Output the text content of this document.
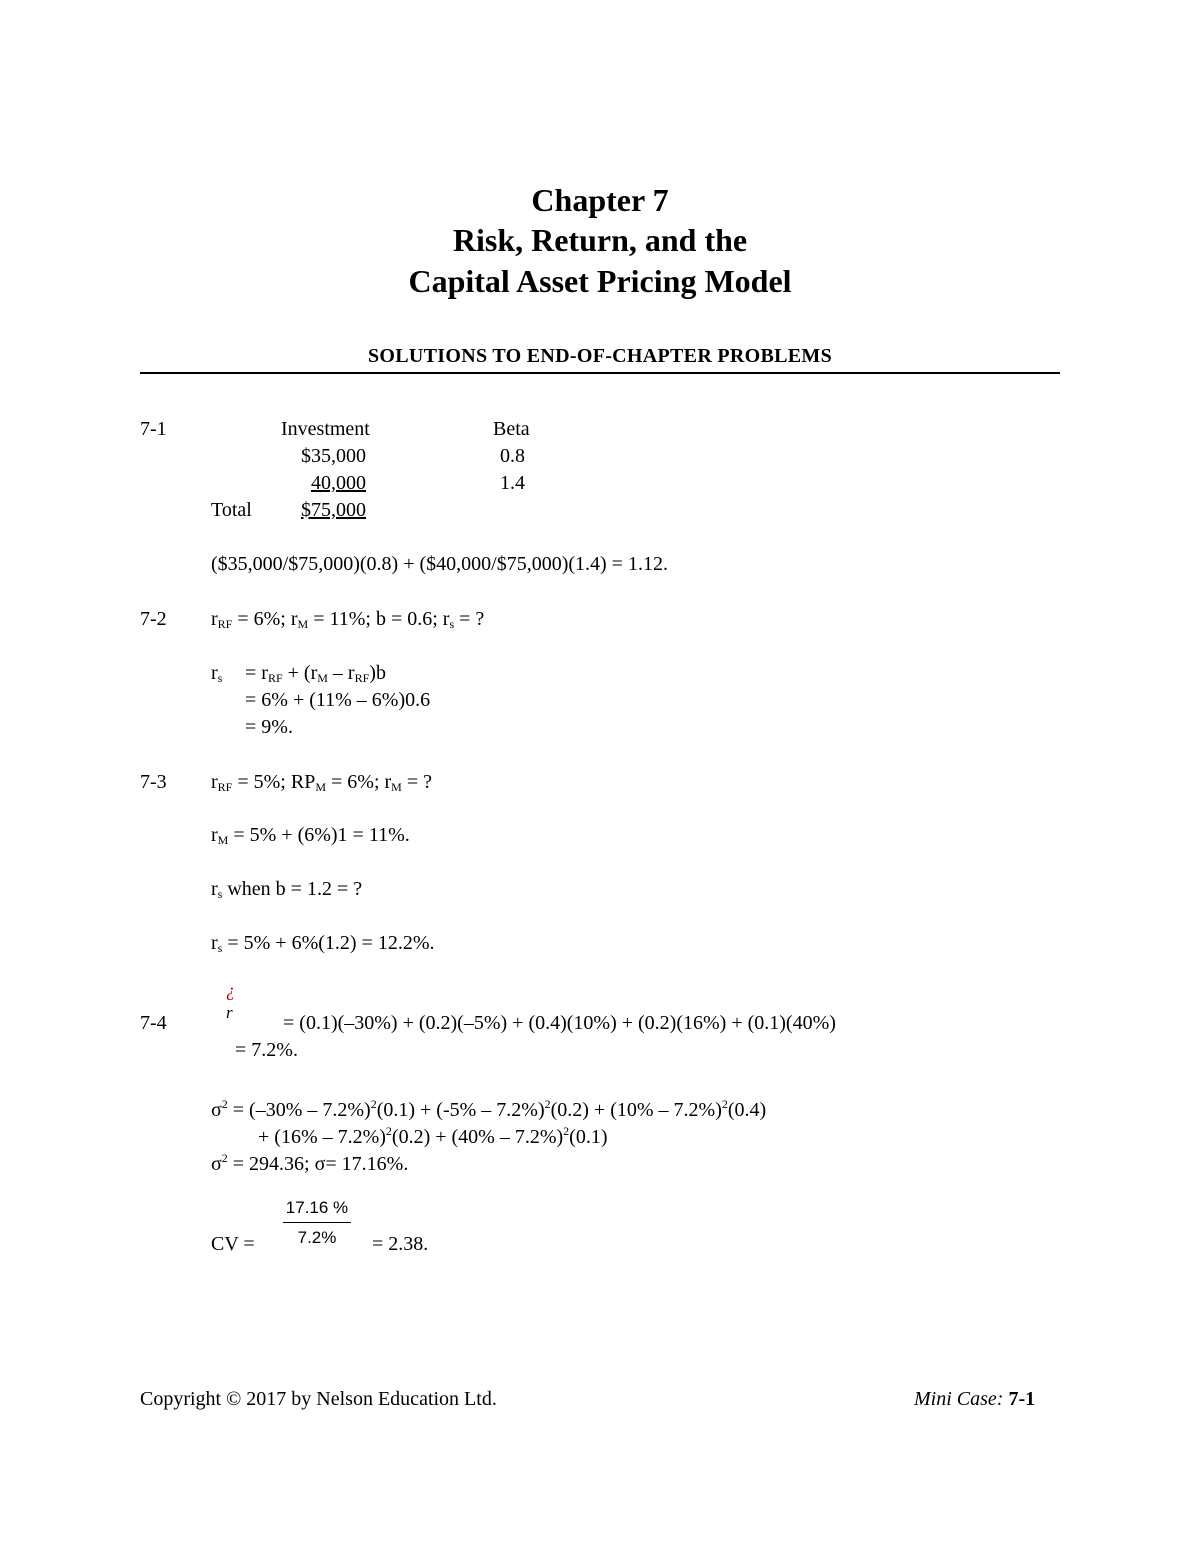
Chapter 7
Risk, Return, and the
Capital Asset Pricing Model
SOLUTIONS TO END-OF-CHAPTER PROBLEMS
7-1	Investment	Beta
$35,000	0.8
40,000	1.4
Total	$75,000
($35,000/$75,000)(0.8) + ($40,000/$75,000)(1.4) = 1.12.
7-2 $r_{RF} = 6\%$; $r_M = 11\%$; b = 0.6; $r_s$ = ?
$r_s = r_{RF} + (r_M - r_{RF})b$
= 6% + (11% – 6%)0.6
= 9%.
7-3 $r_{RF} = 5\%$; $RP_M = 6\%$; $r_M$ = ?
$r_M = 5\% + (6\%)1 = 11\%$.
$r_s$ when b = 1.2 = ?
$r_s = 5\% + 6\%(1.2) = 12.2\%$.
¿
7-4	r	= (0.1)(–30%) + (0.2)(–5%) + (0.4)(10%) + (0.2)(16%) + (0.1)(40%)
= 7.2%.
$\sigma^2 = (-30\% - 7.2\%)^2(0.1) + (-5\% - 7.2\%)^2(0.2) + (10\% - 7.2\%)^2(0.4)$
+ (16% – 7.2%)$^2$(0.2) + (40% – 7.2%)$^2$(0.1)
$\sigma^2 = 294.36$; σ= 17.16%.
CV =
17.16 %
7.2%	= 2.38.
Copyright © 2017 by Nelson Education Ltd.	Mini Case: 7-1
